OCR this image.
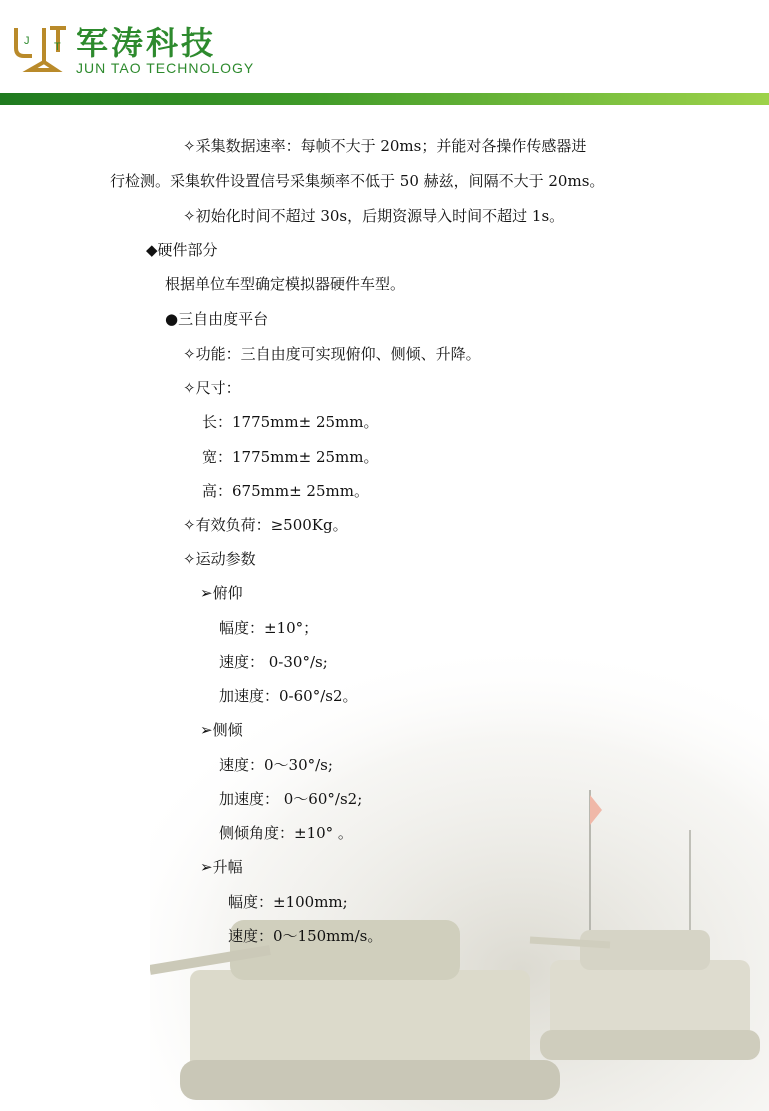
J T 军涛科技
JUN TAO TECHNOLOGY
✧采集数据速率：每帧不大于 20ms；并能对各操作传感器进
行检测。采集软件设置信号采集频率不低于 50 赫兹，间隔不大于 20ms。
✧初始化时间不超过 30s，后期资源导入时间不超过 1s。
◆硬件部分
根据单位车型确定模拟器硬件车型。
●三自由度平台
✧功能：三自由度可实现俯仰、侧倾、升降。
✧尺寸：
长：1775mm± 25mm。
宽：1775mm± 25mm。
高：675mm± 25mm。
✧有效负荷：≥500Kg。
✧运动参数
➢俯仰
幅度：±10°；
速度： 0-30°/s;
加速度：0-60°/s2。
➢侧倾
速度：0～30°/s;
加速度： 0～60°/s2;
侧倾角度：±10° 。
➢升幅
幅度：±100mm;
速度：0～150mm/s。
